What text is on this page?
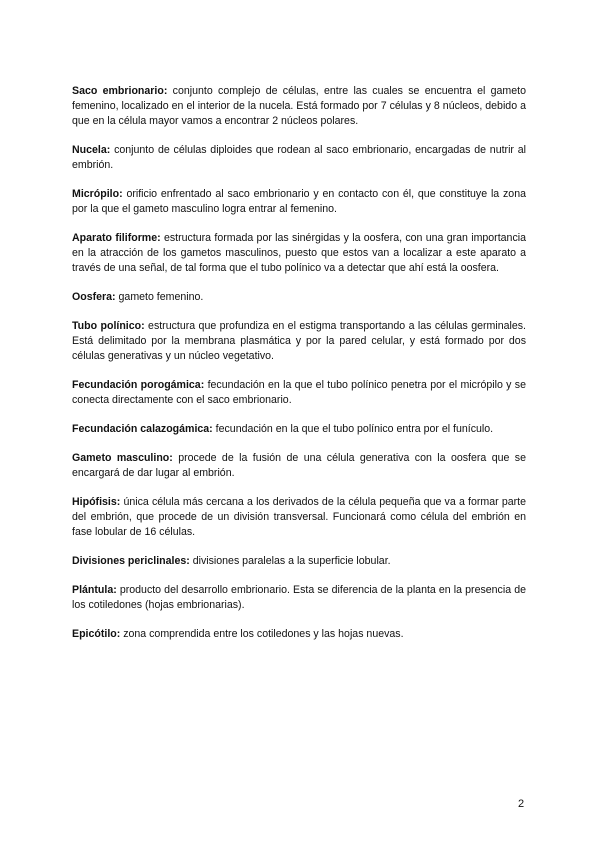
Saco embrionario: conjunto complejo de células, entre las cuales se encuentra el gameto femenino, localizado en el interior de la nucela. Está formado por 7 células y 8 núcleos, debido a que en la célula mayor vamos a encontrar 2 núcleos polares.

Nucela: conjunto de células diploides que rodean al saco embrionario, encargadas de nutrir al embrión.

Micrópilo: orificio enfrentado al saco embrionario y en contacto con él, que constituye la zona por la que el gameto masculino logra entrar al femenino.

Aparato filiforme: estructura formada por las sinérgidas y la oosfera, con una gran importancia en la atracción de los gametos masculinos, puesto que estos van a localizar a este aparato a través de una señal, de tal forma que el tubo polínico va a detectar que ahí está la oosfera.

Oosfera: gameto femenino.

Tubo polínico: estructura que profundiza en el estigma transportando a las células germinales. Está delimitado por la membrana plasmática y por la pared celular, y está formado por dos células generativas y un núcleo vegetativo.

Fecundación porogámica: fecundación en la que el tubo polínico penetra por el micrópilo y se conecta directamente con el saco embrionario.

Fecundación calazogámica: fecundación en la que el tubo polínico entra por el funículo.

Gameto masculino: procede de la fusión de una célula generativa con la oosfera que se encargará de dar lugar al embrión.

Hipófisis: única célula más cercana a los derivados de la célula pequeña que va a formar parte del embrión, que procede de un división transversal. Funcionará como célula del embrión en fase lobular de 16 células.

Divisiones periclinales: divisiones paralelas a la superficie lobular.

Plántula: producto del desarrollo embrionario. Esta se diferencia de la planta en la presencia de los cotiledones (hojas embrionarias).

Epicótilo: zona comprendida entre los cotiledones y las hojas nuevas.

2
